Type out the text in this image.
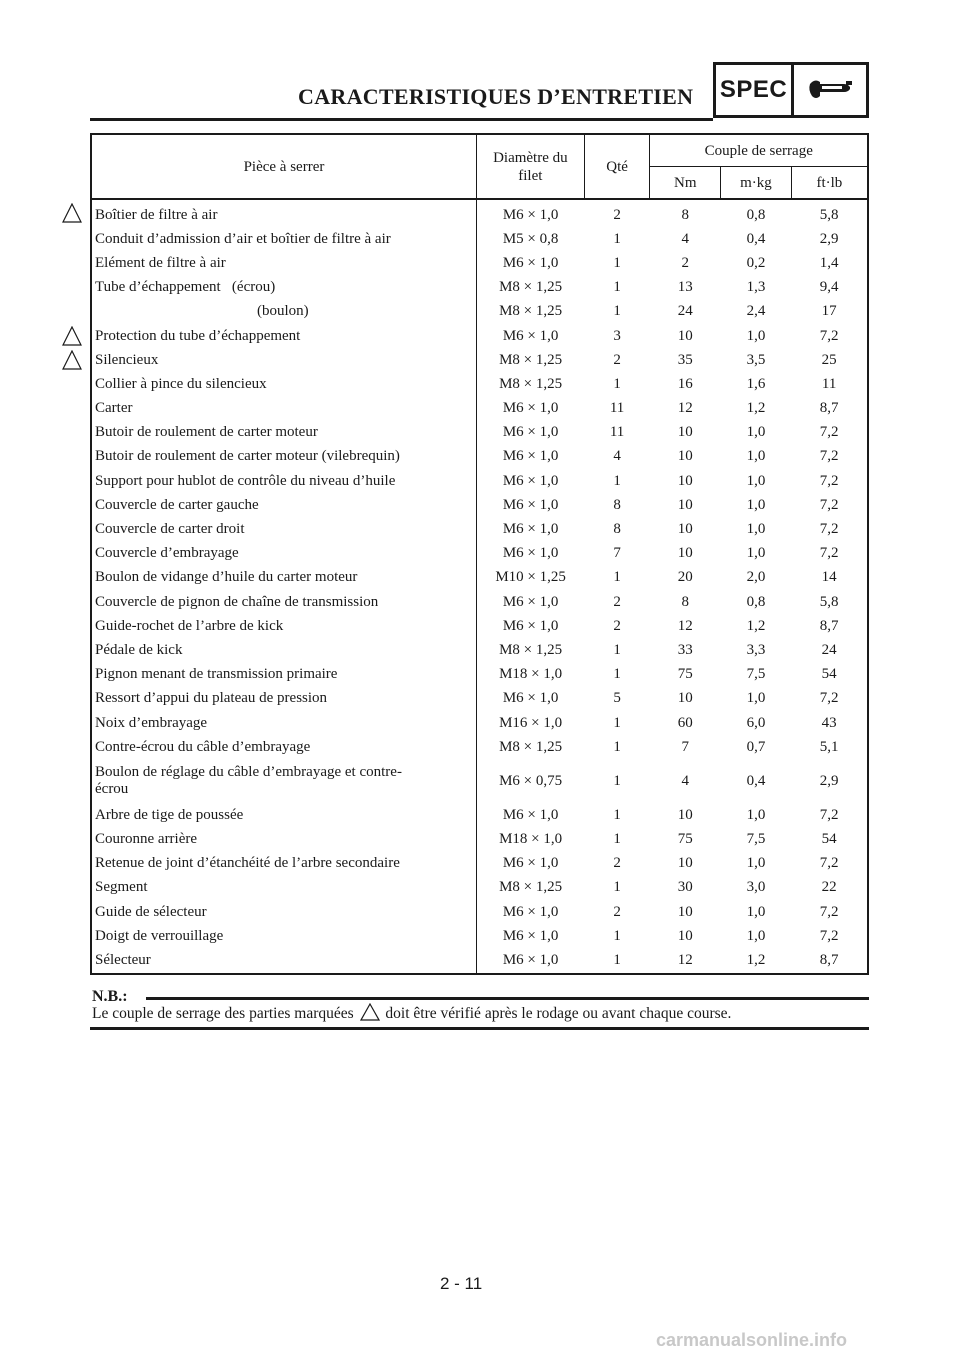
CARACTERISTIQUES D’ENTRETIEN SPEC
Pièce à serrer	Diamètre du filet	Qté	Couple de serrage		
			Nm	m·kg	ft·lb
Boîtier de filtre à air	M6 × 1,0	2	8	0,8	5,8
Conduit d’admission d’air et boîtier de filtre à air	M5 × 0,8	1	4	0,4	2,9
Elément de filtre à air	M6 × 1,0	1	2	0,2	1,4
Tube d’échappement   (écrou)	M8 × 1,25	1	13	1,3	9,4
(boulon)	M8 × 1,25	1	24	2,4	17
Protection du tube d’échappement	M6 × 1,0	3	10	1,0	7,2
Silencieux	M8 × 1,25	2	35	3,5	25
Collier à pince du silencieux	M8 × 1,25	1	16	1,6	11
Carter	M6 × 1,0	11	12	1,2	8,7
Butoir de roulement de carter moteur	M6 × 1,0	11	10	1,0	7,2
Butoir de roulement de carter moteur (vilebrequin)	M6 × 1,0	4	10	1,0	7,2
Support pour hublot de contrôle du niveau d’huile	M6 × 1,0	1	10	1,0	7,2
Couvercle de carter gauche	M6 × 1,0	8	10	1,0	7,2
Couvercle de carter droit	M6 × 1,0	8	10	1,0	7,2
Couvercle d’embrayage	M6 × 1,0	7	10	1,0	7,2
Boulon de vidange d’huile du carter moteur	M10 × 1,25	1	20	2,0	14
Couvercle de pignon de chaîne de transmission	M6 × 1,0	2	8	0,8	5,8
Guide-rochet de l’arbre de kick	M6 × 1,0	2	12	1,2	8,7
Pédale de kick	M8 × 1,25	1	33	3,3	24
Pignon menant de transmission primaire	M18 × 1,0	1	75	7,5	54
Ressort d’appui du plateau de pression	M6 × 1,0	5	10	1,0	7,2
Noix d’embrayage	M16 × 1,0	1	60	6,0	43
Contre-écrou du câble d’embrayage	M8 × 1,25	1	7	0,7	5,1

Boulon de réglage du câble d’embrayage et contre-
écrou	M6 × 0,75	1	4	0,4	2,9
Arbre de tige de poussée	M6 × 1,0	1	10	1,0	7,2
Couronne arrière	M18 × 1,0	1	75	7,5	54
Retenue de joint d’étanchéité de l’arbre secondaire	M6 × 1,0	2	10	1,0	7,2
Segment	M8 × 1,25	1	30	3,0	22
Guide de sélecteur	M6 × 1,0	2	10	1,0	7,2
Doigt de verrouillage	M6 × 1,0	1	10	1,0	7,2
Sélecteur	M6 × 1,0	1	12	1,2	8,7
N.B.:
Le couple de serrage des parties marquées doit être vérifié après le rodage ou avant chaque course.
2 - 11
carmanualsonline.info
